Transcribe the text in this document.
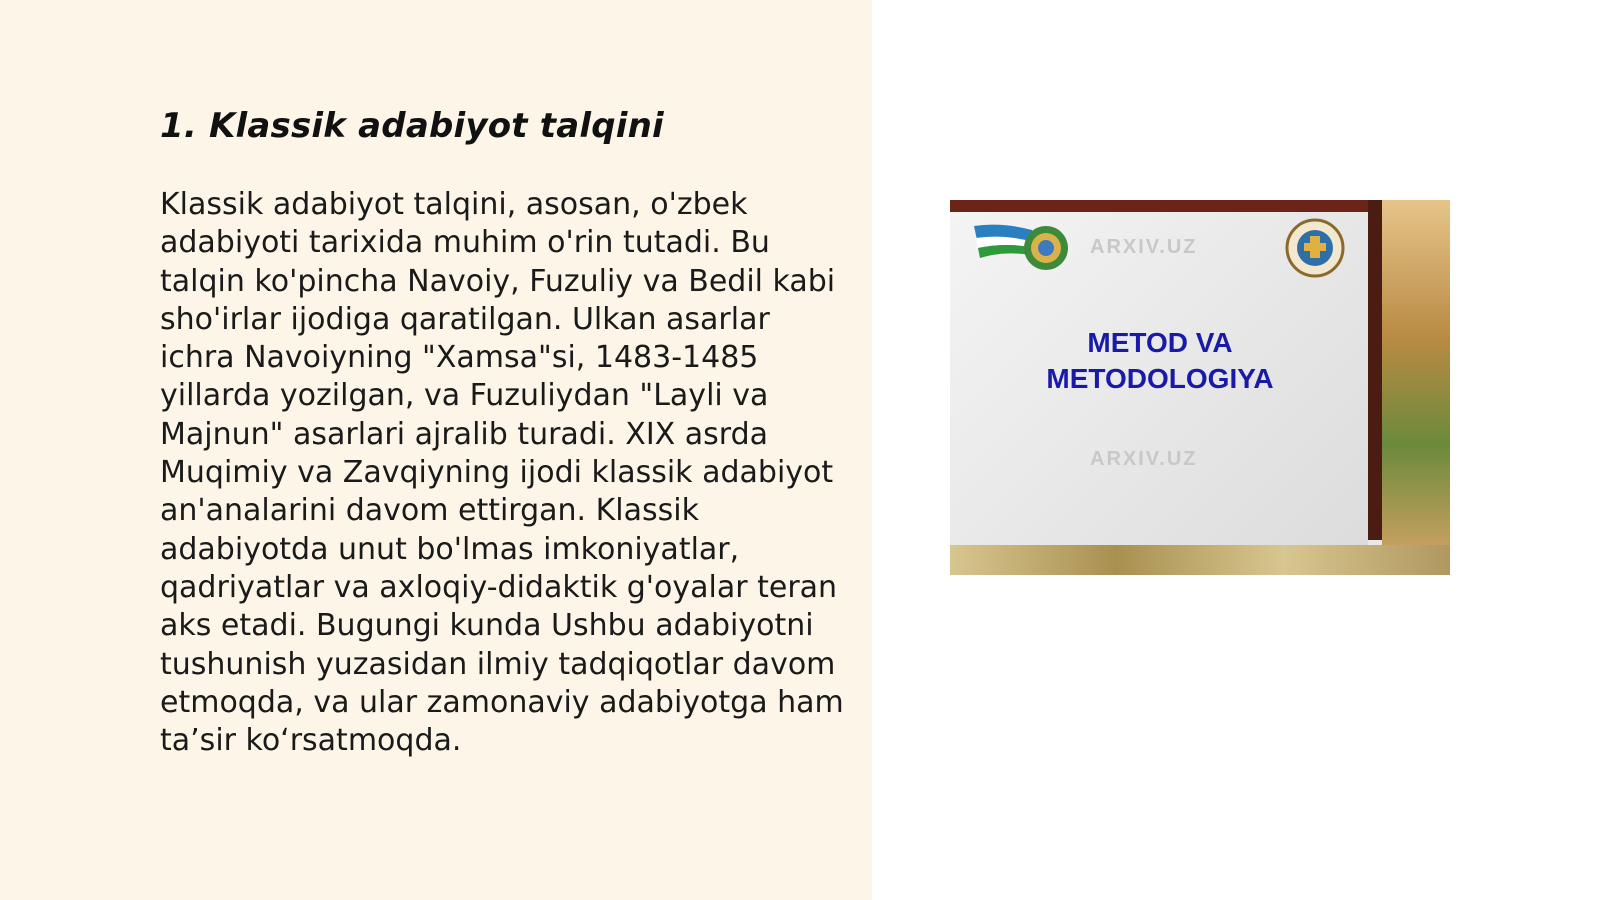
1. Klassik adabiyot talqini

Klassik adabiyot talqini, asosan, o'zbek adabiyoti tarixida muhim o'rin tutadi. Bu talqin ko'pincha Navoiy, Fuzuliy va Bedil kabi sho'irlar ijodiga qaratilgan. Ulkan asarlar ichra Navoiyning "Xamsa"si, 1483-1485 yillarda yozilgan, va Fuzuliydan "Layli va Majnun" asarlari ajralib turadi. XIX asrda Muqimiy va Zavqiyning ijodi klassik adabiyot an'analarini davom ettirgan. Klassik adabiyotda unut bo'lmas imkoniyatlar, qadriyatlar va axloqiy-didaktik g'oyalar teran aks etadi. Bugungi kunda Ushbu adabiyotni tushunish yuzasidan ilmiy tadqiqotlar davom etmoqda, va ular zamonaviy adabiyotga ham ta’sir ko‘rsatmoqda.

ARXIV.UZ
ARXIV.UZ
METOD VA
METODOLOGIYA
